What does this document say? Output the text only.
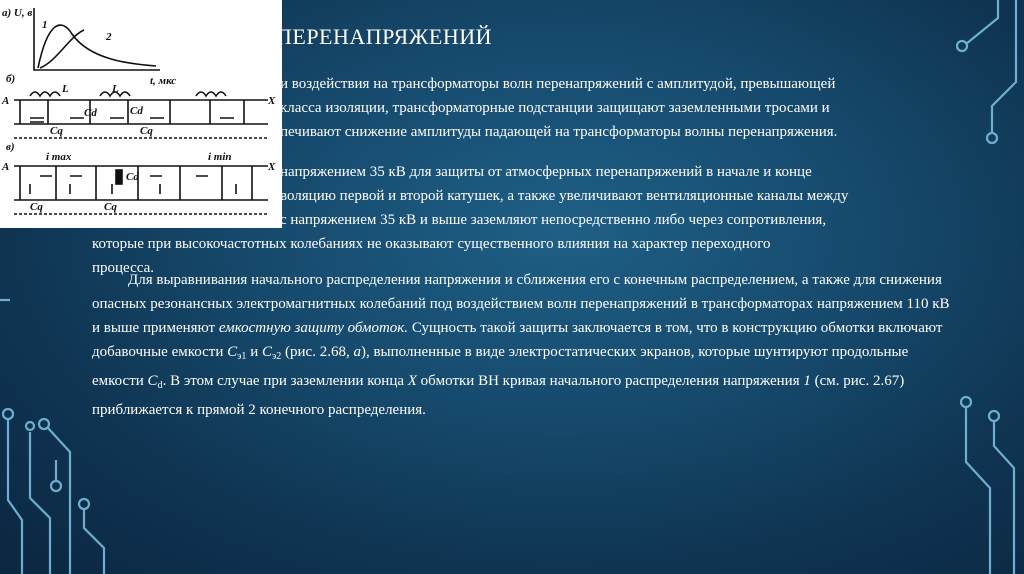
а) U, в
1
2
t, мкс
б)
A	X
L	L
Cd	Cd
Cq	Cq
в)
A	X
i max	i min
Cq	Cq
Cd
ПЕРЕНАПРЯЖЕНИЙ
и воздействия на трансформаторы волн перенапряжений с амплитудой, превышающей
класса изоляции, трансформаторные подстанции защищают заземленными тросами и
печивают снижение амплитуды падающей на трансформаторы волны перенапряжения.
напряжением 35 кВ для защиты от атмосферных перенапряжений в начале и конце
воляцию первой и второй катушек, а также увеличивают вентиляционные каналы между
с напряжением 35 кВ и выше заземляют непосредственно либо через сопротивления,
которые при высокочастотных колебаниях не оказывают существенного влияния на характер переходного процесса.
Для выравнивания начального распределения напряжения и сближения его с конечным распределением, а также для снижения опасных резонансных электромагнитных колебаний под воздействием волн перенапряжений в трансформаторах напряжением 110 кВ и выше применяют емкостную защиту обмоток. Сущность такой защиты заключается в том, что в конструкцию обмотки включают добавочные емкости $C_{э1}$ и $C_{э2}$ (рис. 2.68, а), выполненные в виде электростатических экранов, которые шунтируют продольные емкости $C_d$. В этом случае при заземлении конца X обмотки ВН кривая начального распределения напряжения 1 (см. рис. 2.67) приближается к прямой 2 конечного распределения.
